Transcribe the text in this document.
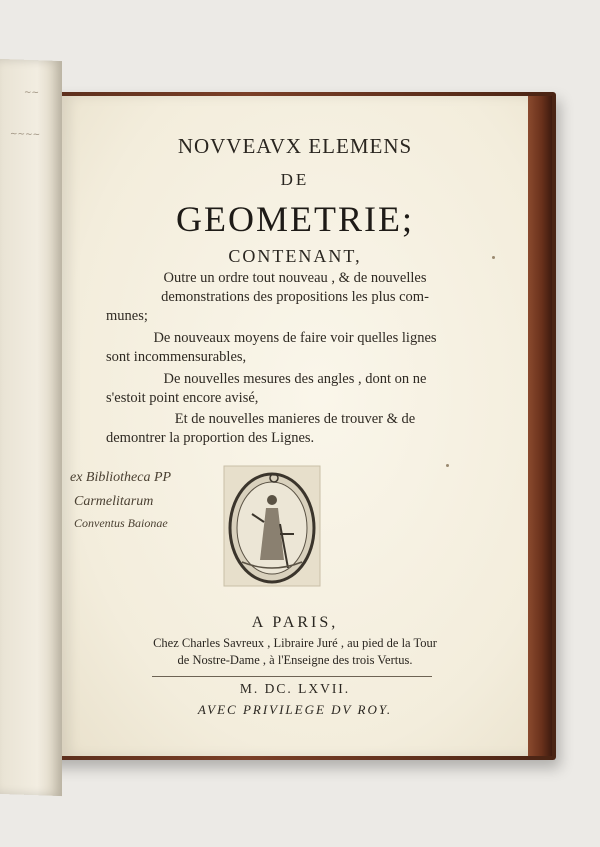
~~
~~~~	NOVVEAVX ELEMENS
DE
GEOMETRIE;
CONTENANT,
Outre un ordre tout nouveau , & de nouvelles
demonstrations des propositions les plus com-
munes;
De nouveaux moyens de faire voir quelles lignes
sont incommensurables,
De nouvelles mesures des angles , dont on ne
s'estoit point encore avisé,
Et de nouvelles manieres de trouver & de
demontrer la proportion des Lignes.
ex Bibliotheca PP
Carmelitarum
Conventus Baionae
A PARIS,
Chez Charles Savreux , Libraire Juré , au pied de la Tour
de Nostre-Dame , à l'Enseigne des trois Vertus.
M. DC. LXVII.
AVEC PRIVILEGE DV ROY.
